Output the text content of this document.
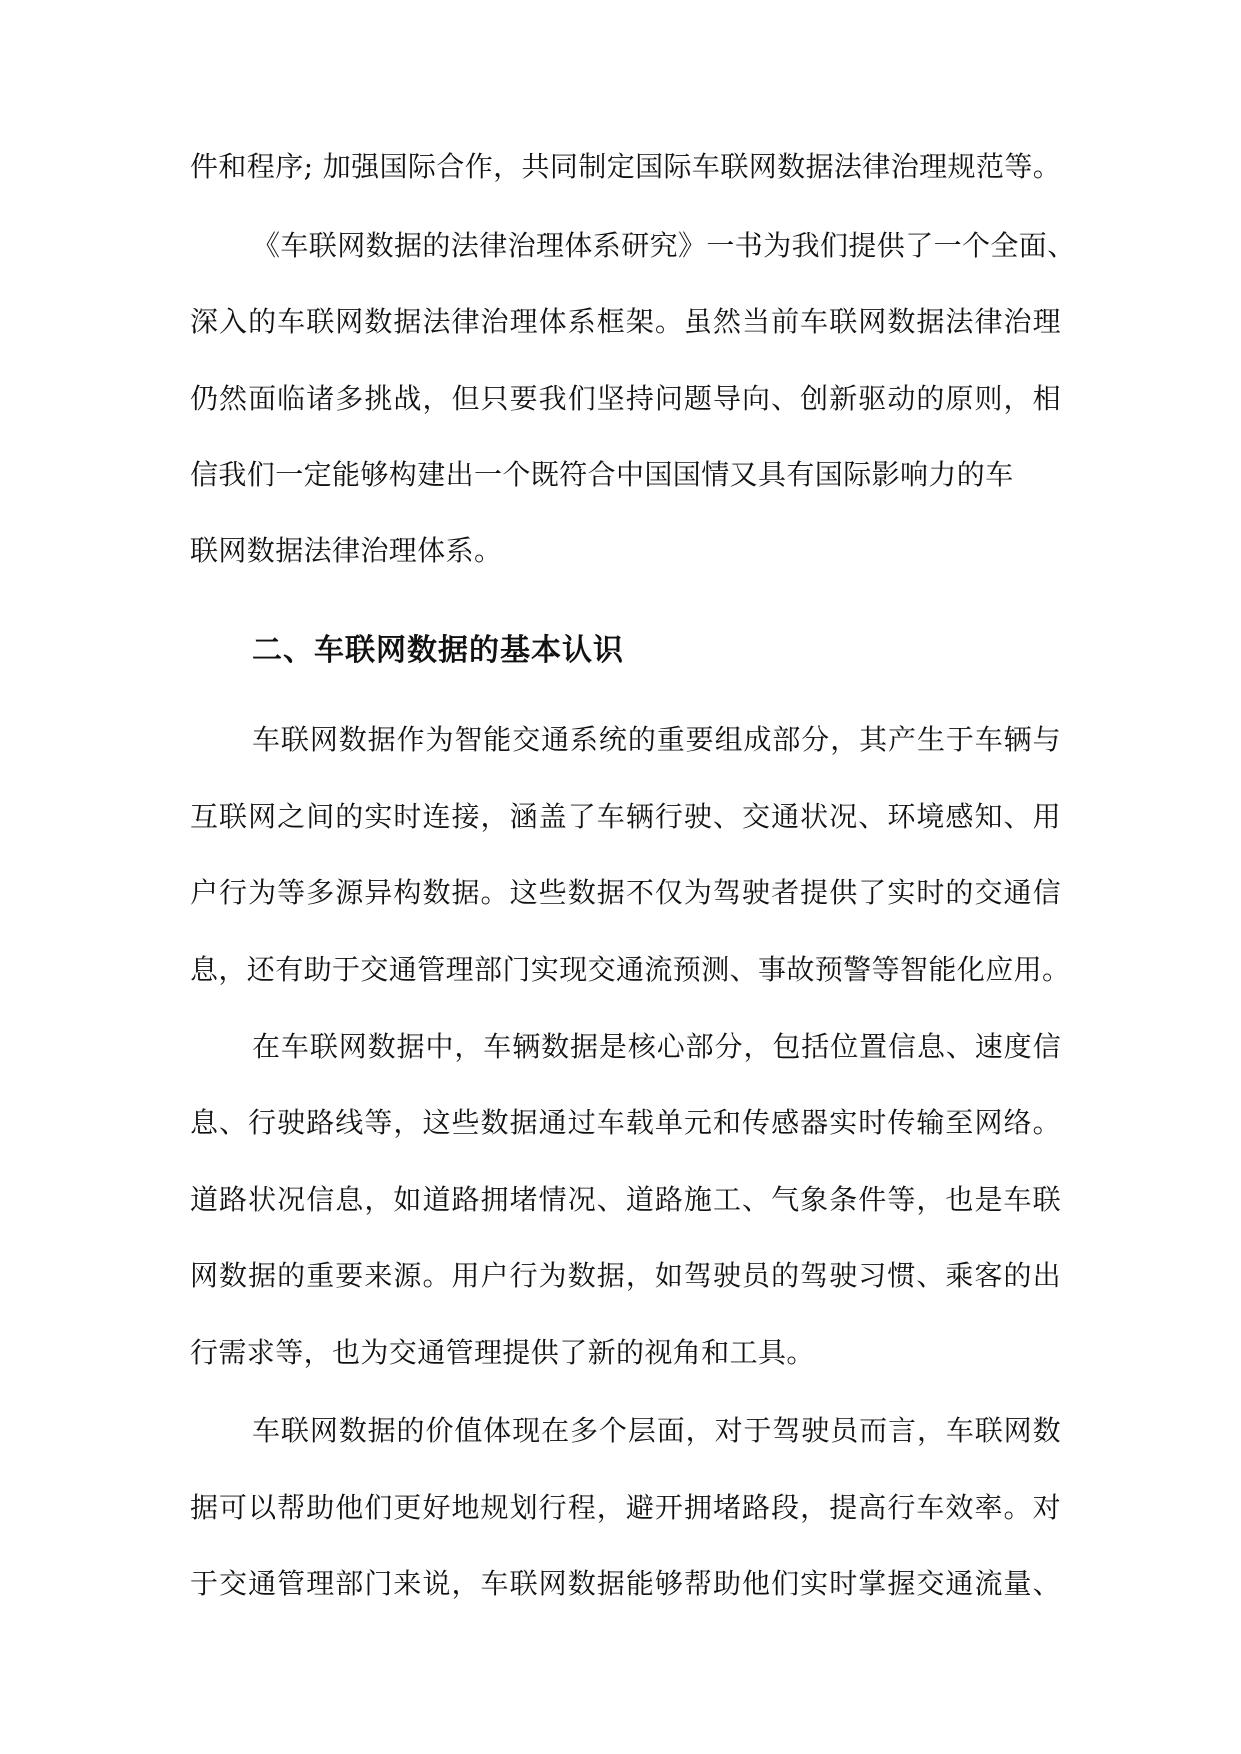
件和程序; 加强国际合作，共同制定国际车联网数据法律治理规范等。
《车联网数据的法律治理体系研究》一书为我们提供了一个全面、
深入的车联网数据法律治理体系框架。虽然当前车联网数据法律治理
仍然面临诸多挑战，但只要我们坚持问题导向、创新驱动的原则，相
信我们一定能够构建出一个既符合中国国情又具有国际影响力的车
联网数据法律治理体系。
二、车联网数据的基本认识
车联网数据作为智能交通系统的重要组成部分，其产生于车辆与
互联网之间的实时连接，涵盖了车辆行驶、交通状况、环境感知、用
户行为等多源异构数据。这些数据不仅为驾驶者提供了实时的交通信
息，还有助于交通管理部门实现交通流预测、事故预警等智能化应用。
在车联网数据中，车辆数据是核心部分，包括位置信息、速度信
息、行驶路线等，这些数据通过车载单元和传感器实时传输至网络。
道路状况信息，如道路拥堵情况、道路施工、气象条件等，也是车联
网数据的重要来源。用户行为数据，如驾驶员的驾驶习惯、乘客的出
行需求等，也为交通管理提供了新的视角和工具。
车联网数据的价值体现在多个层面，对于驾驶员而言，车联网数
据可以帮助他们更好地规划行程，避开拥堵路段，提高行车效率。对
于交通管理部门来说，车联网数据能够帮助他们实时掌握交通流量、
